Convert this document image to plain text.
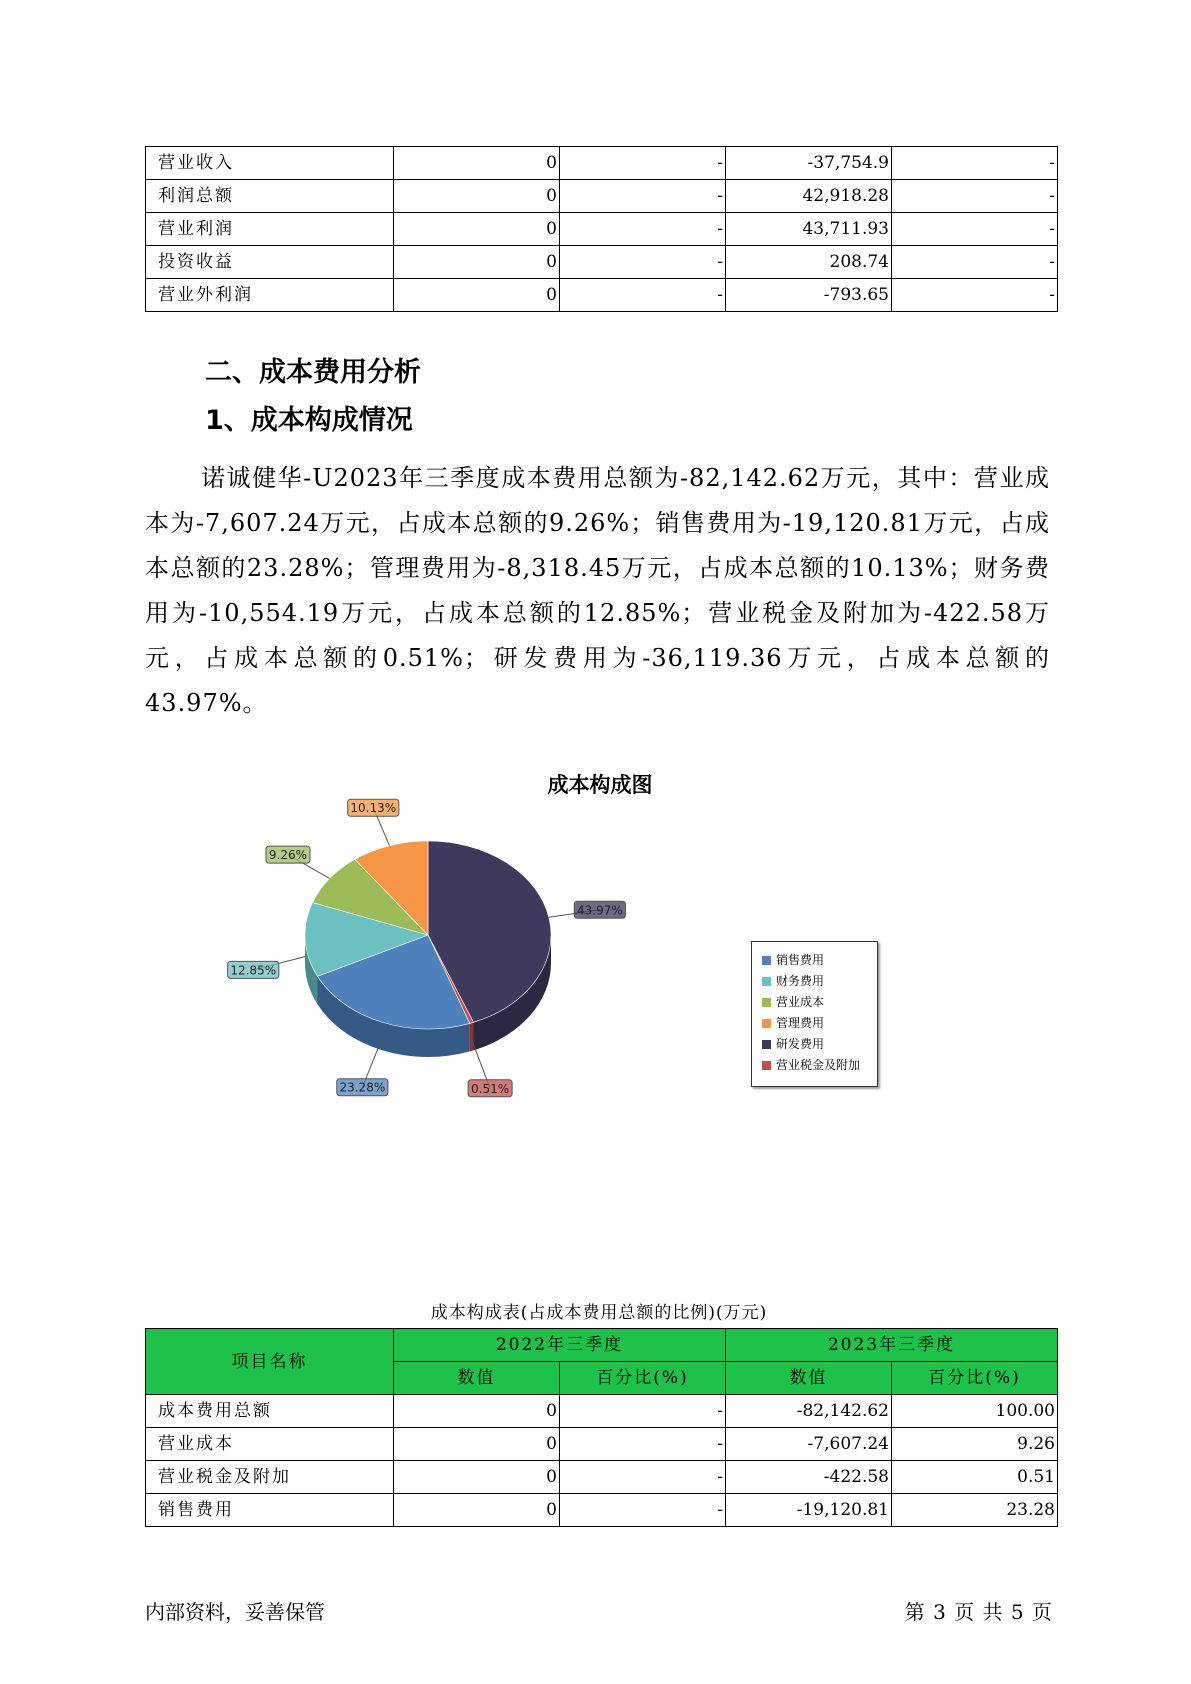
营业收入	0	-	-37,754.9	-
利润总额	0	-	42,918.28	-
营业利润	0	-	43,711.93	-
投资收益	0	-	208.74	-
营业外利润	0	-	-793.65	-
二、成本费用分析
1、成本构成情况

诺诚健华-U2023年三季度成本费用总额为-82,142.62万元，其中：营业成本为-7,607.24万元，占成本总额的9.26%；销售费用为-19,120.81万元，占成本总额的23.28%；管理费用为-8,318.45万元，占成本总额的10.13%；财务费用为-10,554.19万元，占成本总额的12.85%；营业税金及附加为-422.58万元，占成本总额的0.51%；研发费用为-36,119.36万元，占成本总额的43.97%。

成本构成图
43.97%
0.51%
23.28%
12.85%
9.26%
10.13%
销售费用
财务费用
营业成本
管理费用
研发费用
营业税金及附加
成本构成表(占成本费用总额的比例)(万元)
项目名称	2022年三季度		2023年三季度	
	数值	百分比(%)	数值	百分比(%)
成本费用总额	0	-	-82,142.62	100.00
营业成本	0	-	-7,607.24	9.26
营业税金及附加	0	-	-422.58	0.51
销售费用	0	-	-19,120.81	23.28
内部资料，妥善保管	第 3 页 共 5 页
